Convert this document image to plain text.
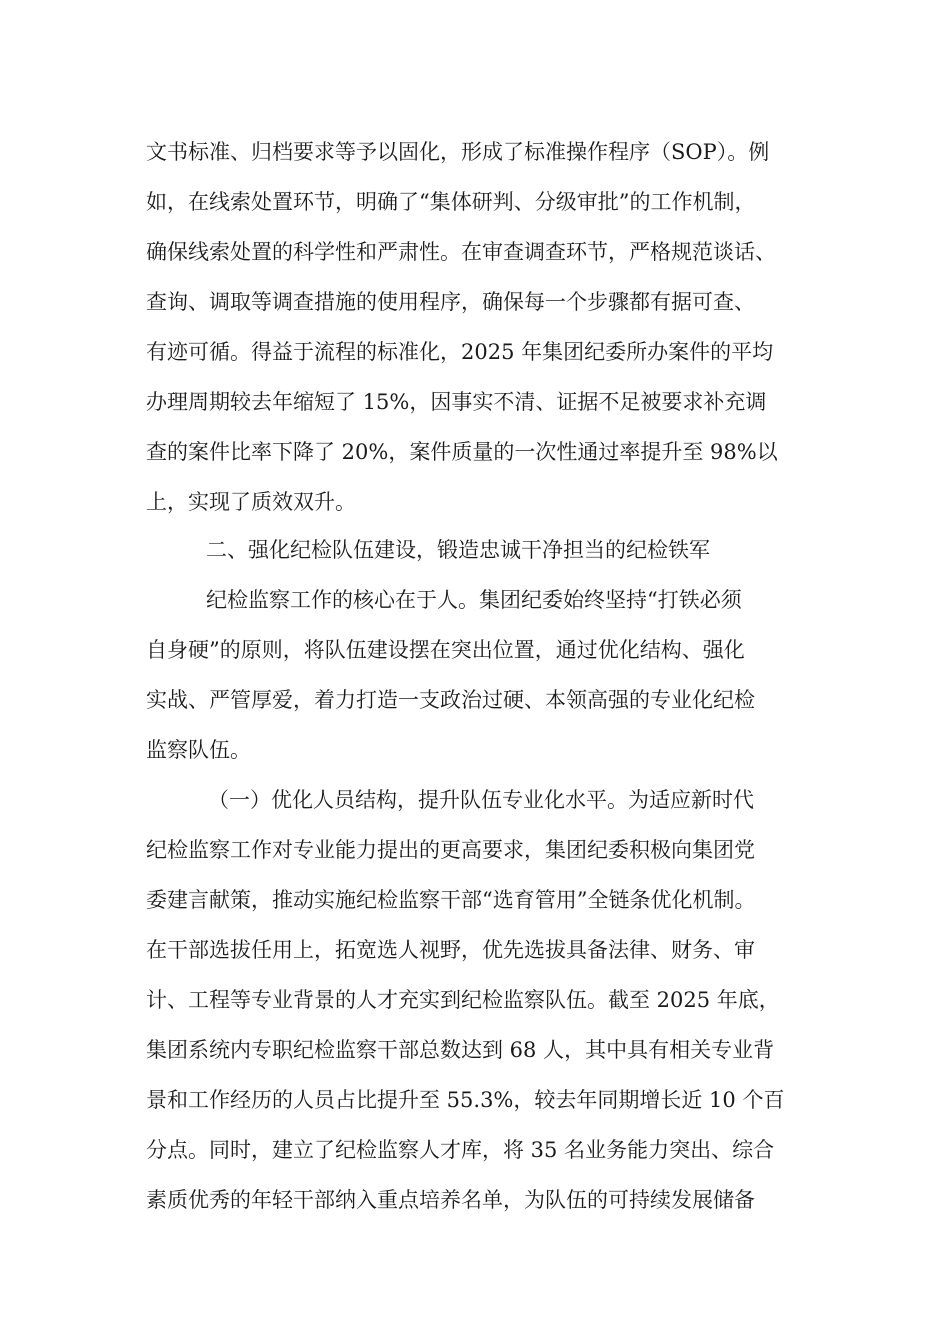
文书标准、归档要求等予以固化，形成了标准操作程序（SOP）。例
如，在线索处置环节，明确了“集体研判、分级审批”的工作机制，
确保线索处置的科学性和严肃性。在审查调查环节，严格规范谈话、
查询、调取等调查措施的使用程序，确保每一个步骤都有据可查、
有迹可循。得益于流程的标准化，2025 年集团纪委所办案件的平均
办理周期较去年缩短了 15%，因事实不清、证据不足被要求补充调
查的案件比率下降了 20%，案件质量的一次性通过率提升至 98%以
上，实现了质效双升。
二、强化纪检队伍建设，锻造忠诚干净担当的纪检铁军
纪检监察工作的核心在于人。集团纪委始终坚持“打铁必须
自身硬”的原则，将队伍建设摆在突出位置，通过优化结构、强化
实战、严管厚爱，着力打造一支政治过硬、本领高强的专业化纪检
监察队伍。
（一）优化人员结构，提升队伍专业化水平。为适应新时代
纪检监察工作对专业能力提出的更高要求，集团纪委积极向集团党
委建言献策，推动实施纪检监察干部“选育管用”全链条优化机制。
在干部选拔任用上，拓宽选人视野，优先选拔具备法律、财务、审
计、工程等专业背景的人才充实到纪检监察队伍。截至 2025 年底，
集团系统内专职纪检监察干部总数达到 68 人，其中具有相关专业背
景和工作经历的人员占比提升至 55.3%，较去年同期增长近 10 个百
分点。同时，建立了纪检监察人才库，将 35 名业务能力突出、综合
素质优秀的年轻干部纳入重点培养名单，为队伍的可持续发展储备
